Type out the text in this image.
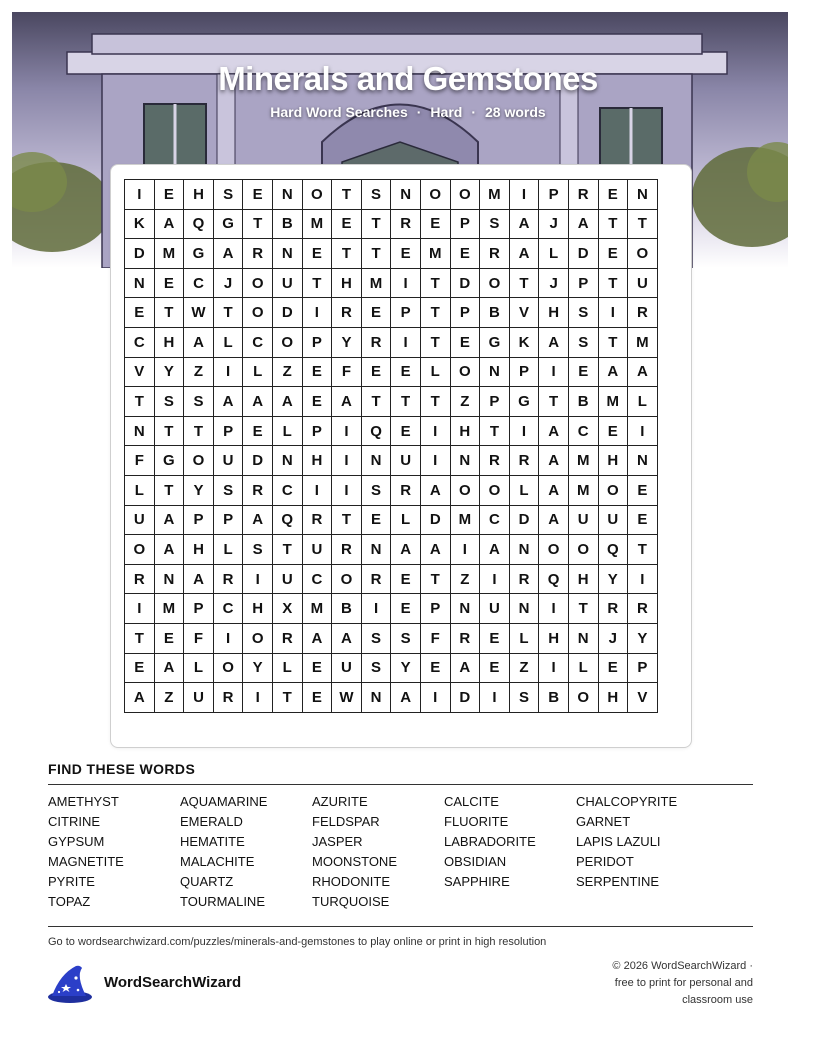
Minerals and Gemstones
Hard Word Searches · Hard · 28 words
I	E	H	S	E	N	O	T	S	N	O	O	M	I	P	R	E	N
K	A	Q	G	T	B	M	E	T	R	E	P	S	A	J	A	T	T
D	M	G	A	R	N	E	T	T	E	M	E	R	A	L	D	E	O
N	E	C	J	O	U	T	H	M	I	T	D	O	T	J	P	T	U
E	T	W	T	O	D	I	R	E	P	T	P	B	V	H	S	I	R
C	H	A	L	C	O	P	Y	R	I	T	E	G	K	A	S	T	M
V	Y	Z	I	L	Z	E	F	E	E	L	O	N	P	I	E	A	A
T	S	S	A	A	A	E	A	T	T	T	Z	P	G	T	B	M	L
N	T	T	P	E	L	P	I	Q	E	I	H	T	I	A	C	E	I
F	G	O	U	D	N	H	I	N	U	I	N	R	R	A	M	H	N
L	T	Y	S	R	C	I	I	S	R	A	O	O	L	A	M	O	E
U	A	P	P	A	Q	R	T	E	L	D	M	C	D	A	U	U	E
O	A	H	L	S	T	U	R	N	A	A	I	A	N	O	O	Q	T
R	N	A	R	I	U	C	O	R	E	T	Z	I	R	Q	H	Y	I
I	M	P	C	H	X	M	B	I	E	P	N	U	N	I	T	R	R
T	E	F	I	O	R	A	A	S	S	F	R	E	L	H	N	J	Y
E	A	L	O	Y	L	E	U	S	Y	E	A	E	Z	I	L	E	P
A	Z	U	R	I	T	E	W	N	A	I	D	I	S	B	O	H	V
FIND THESE WORDS
AMETHYST	AQUAMARINE	AZURITE	CALCITE	CHALCOPYRITE
CITRINE	EMERALD	FELDSPAR	FLUORITE	GARNET
GYPSUM	HEMATITE	JASPER	LABRADORITE	LAPIS LAZULI
MAGNETITE	MALACHITE	MOONSTONE	OBSIDIAN	PERIDOT
PYRITE	QUARTZ	RHODONITE	SAPPHIRE	SERPENTINE
TOPAZ	TOURMALINE	TURQUOISE
Go to wordsearchwizard.com/puzzles/minerals-and-gemstones to play online or print in high resolution
WordSearchWizard
© 2026 WordSearchWizard ·
free to print for personal and
classroom use
